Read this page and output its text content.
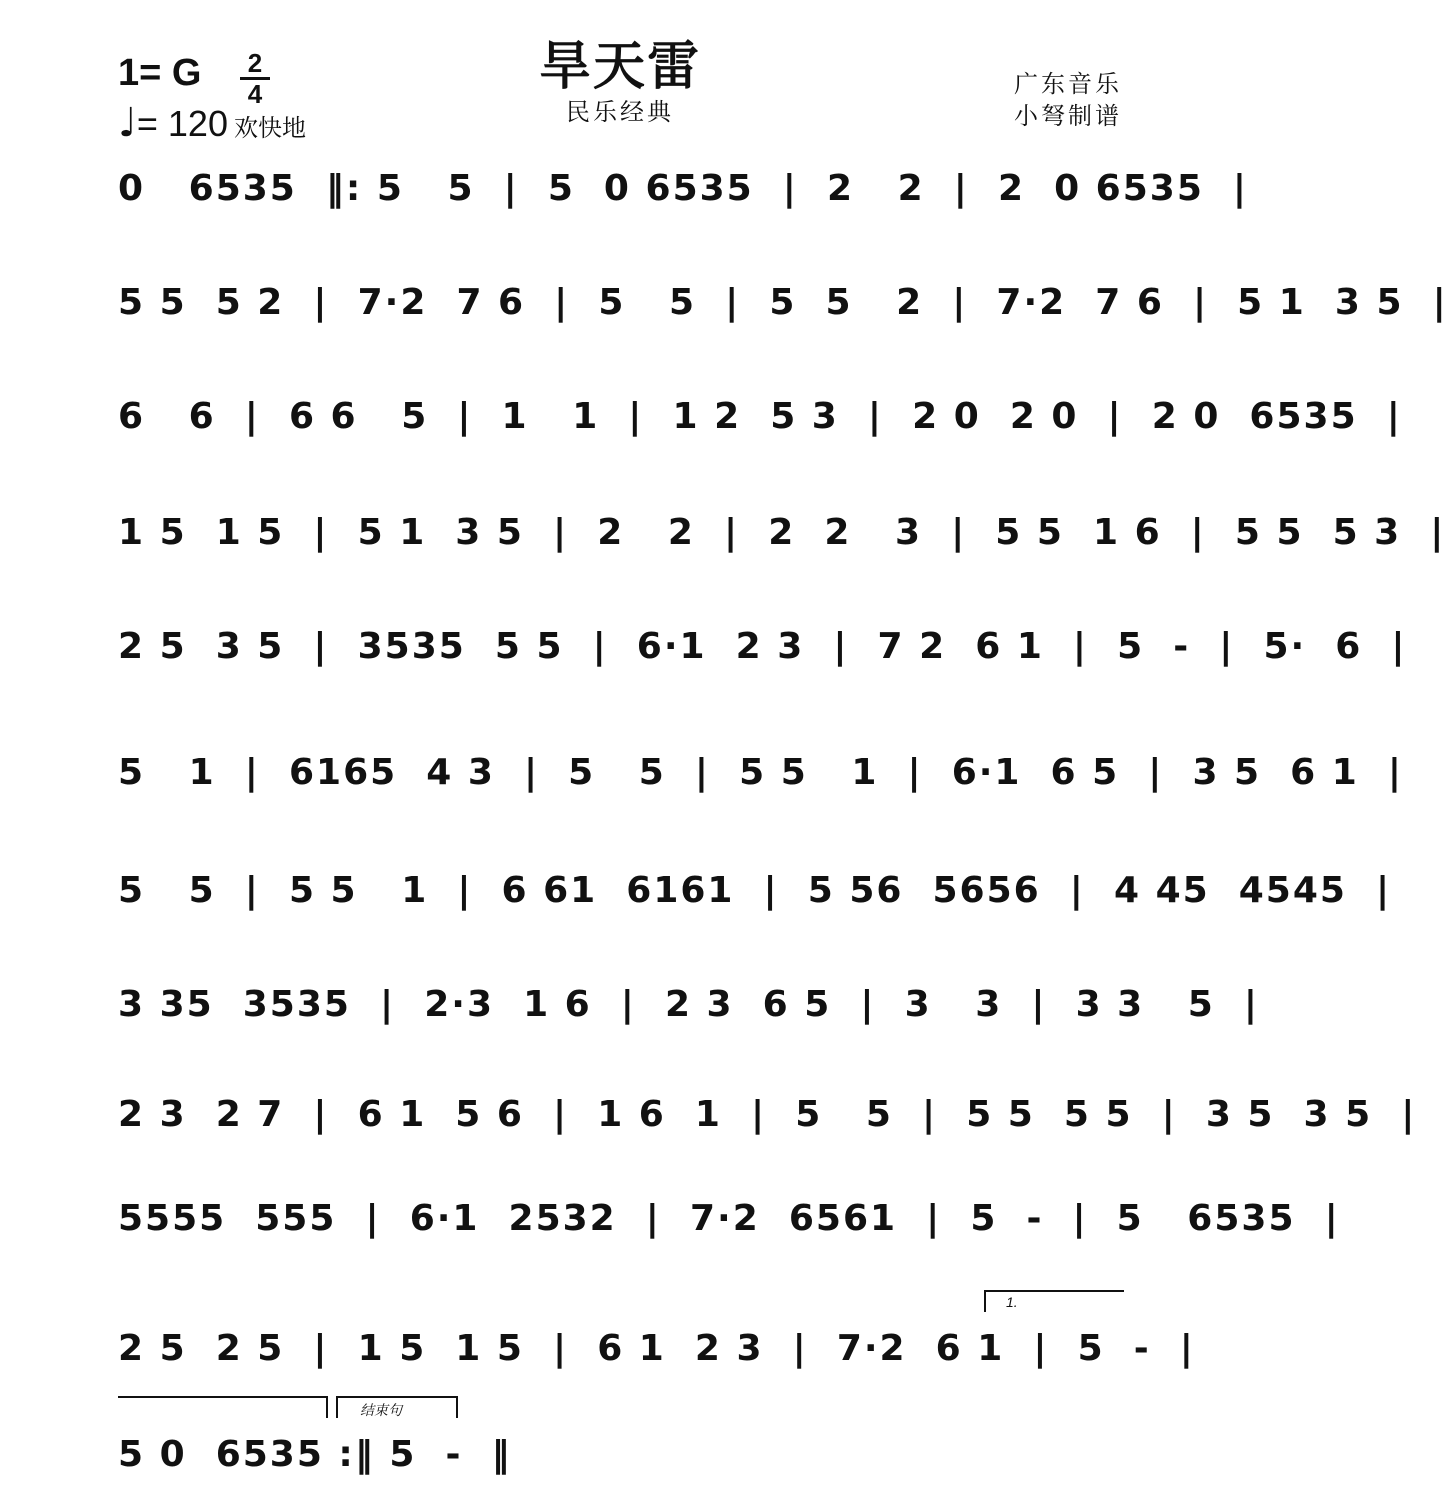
旱天雷
民乐经典
1= G	2
4
♩= 120 欢快地
广东音乐
小弩制谱
0   6535  ‖: 5   5  |  5  0 6535  |  2   2  |  2  0 6535  |
5 5  5 2  |  7·2  7 6  |  5   5  |  5  5   2  |  7·2  7 6  |  5 1  3 5  |
6   6  |  6 6   5  |  1   1  |  1 2  5 3  |  2 0  2 0  |  2 0  6535  |
1 5  1 5  |  5 1  3 5  |  2   2  |  2  2   3  |  5 5  1 6  |  5 5  5 3  |
2 5  3 5  |  3535  5 5  |  6·1  2 3  |  7 2  6 1  |  5  -  |  5·  6  |
5   1  |  6165  4 3  |  5   5  |  5 5   1  |  6·1  6 5  |  3 5  6 1  |
5   5  |  5 5   1  |  6 61  6161  |  5 56  5656  |  4 45  4545  |
3 35  3535  |  2·3  1 6  |  2 3  6 5  |  3   3  |  3 3   5  |
2 3  2 7  |  6 1  5 6  |  1 6  1  |  5   5  |  5 5  5 5  |  3 5  3 5  |
5555  555  |  6·1  2532  |  7·2  6561  |  5  -  |  5   6535  |
2 5  2 5  |  1 5  1 5  |  6 1  2 3  |  7·2  6 1  |  5  -  |
5 0  6535 :‖ 5  -  ‖
1.
结束句
